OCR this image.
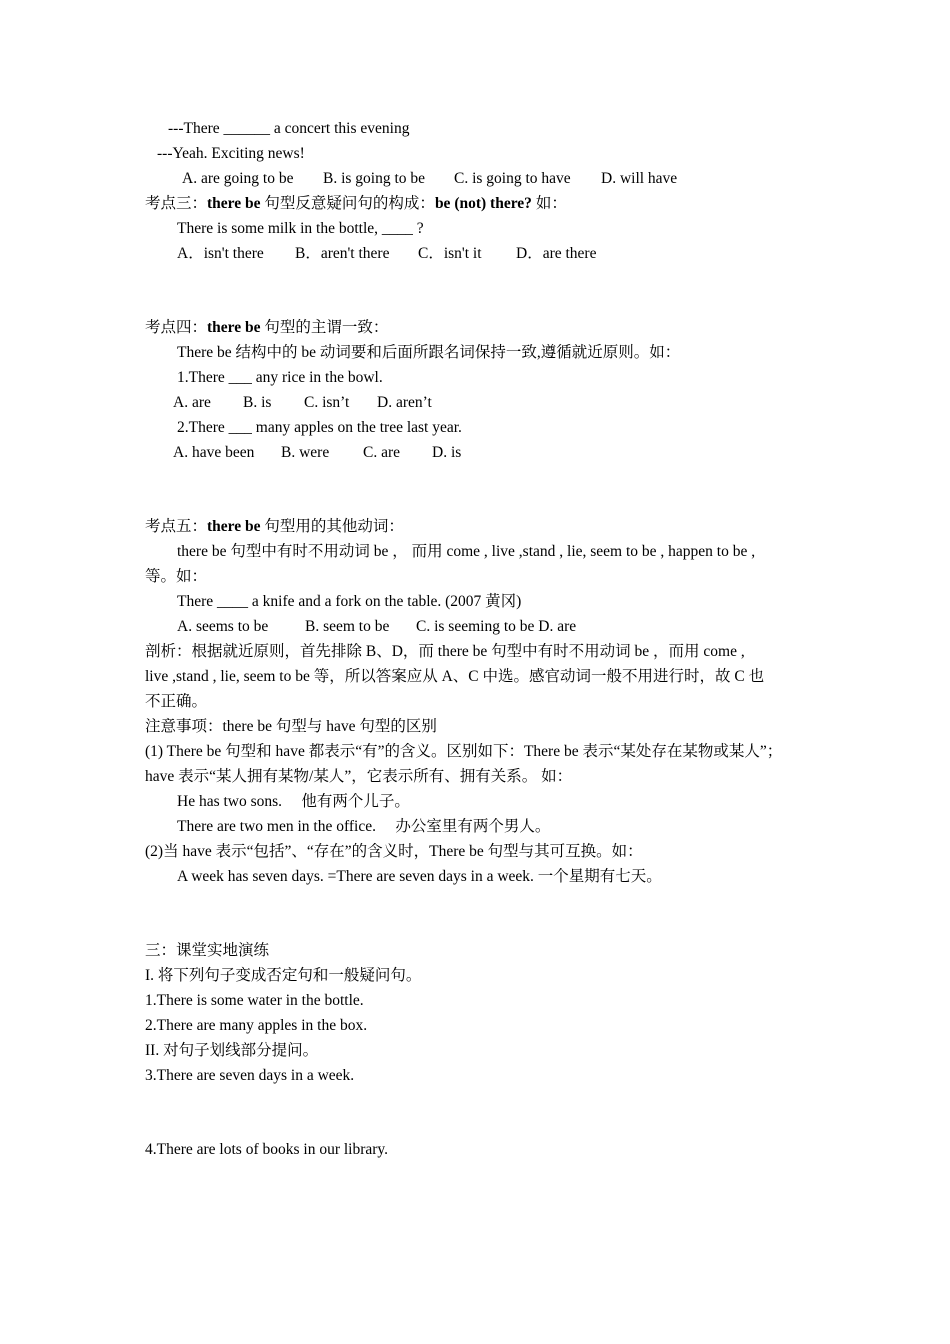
---There ______ a concert this evening
---Yeah. Exciting news!
A. are going to be B. is going to be C. is going to have D. will have
考点三：there be 句型反意疑问句的构成：be (not) there? 如：
There is some milk in the bottle, ____ ?
A．isn't there B．aren't there C．isn't it D．are there
考点四：there be 句型的主谓一致：
There be 结构中的 be 动词要和后面所跟名词保持一致,遵循就近原则。如：
1.There ___ any rice in the bowl.
A. are B. is C. isn’t D. aren’t
2.There ___ many apples on the tree last year.
A. have been B. were C. are D. is
考点五：there be 句型用的其他动词：
there be 句型中有时不用动词 be ， 而用 come , live ,stand , lie, seem to be , happen to be ,
等。如：
There ____ a knife and a fork on the table. (2007 黄冈)
A. seems to be B. seem to be C. is seeming to be D. are
剖析：根据就近原则，首先排除 B、D，而 there be 句型中有时不用动词 be ，而用 come ,
live ,stand , lie, seem to be 等，所以答案应从 A、C 中选。感官动词一般不用进行时，故 C 也
不正确。
注意事项：there be 句型与 have 句型的区别
(1) There be 句型和 have 都表示“有”的含义。区别如下：There be 表示“某处存在某物或某人”；
have 表示“某人拥有某物/某人”，它表示所有、拥有关系。 如：
He has two sons.     他有两个儿子。
There are two men in the office.     办公室里有两个男人。
(2)当 have 表示“包括”、“存在”的含义时，There be 句型与其可互换。如：
A week has seven days. =There are seven days in a week. 一个星期有七天。
三：课堂实地演练
I. 将下列句子变成否定句和一般疑问句。
1.There is some water in the bottle.
2.There are many apples in the box.
II. 对句子划线部分提问。
3.There are seven days in a week.
4.There are lots of books in our library.
